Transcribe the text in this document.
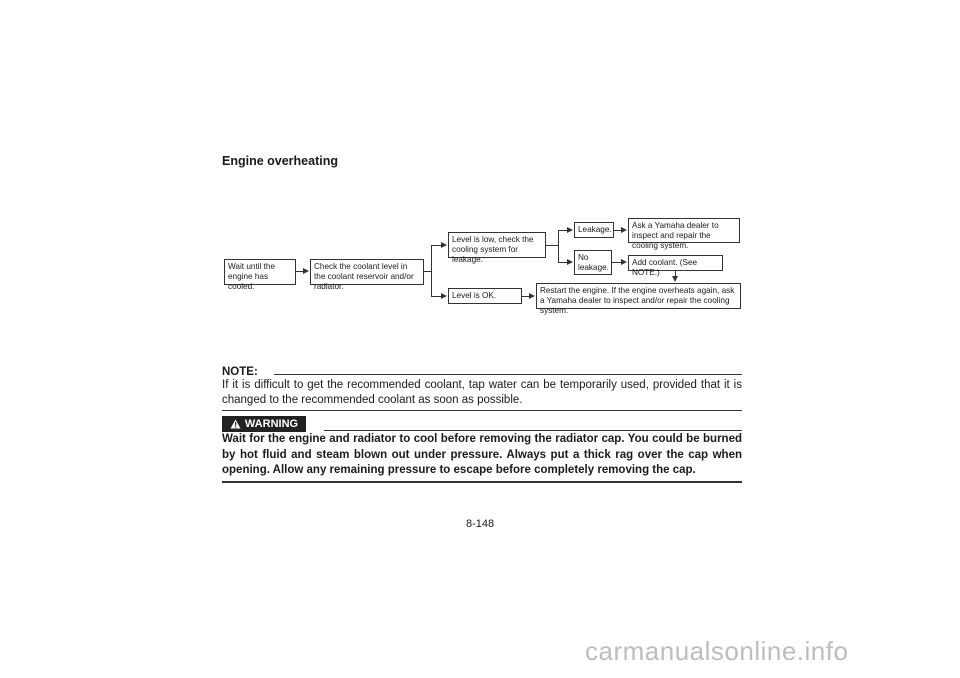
Engine overheating
Wait until the engine has cooled.
Check the coolant level in the coolant reservoir and/or radiator.
Level is low, check the cooling system for leakage.
Level is OK.
Leakage.
No leakage.
Ask a Yamaha dealer to inspect and repair the cooling system.
Add coolant. (See NOTE.)
Restart the engine. If the engine overheats again, ask a Yamaha dealer to inspect and/or repair the cooling system.
NOTE:
If it is difficult to get the recommended coolant, tap water can be temporarily used, provided that it is changed to the recommended coolant as soon as possible.
WARNING
Wait for the engine and radiator to cool before removing the radiator cap. You could be burned by hot fluid and steam blown out under pressure. Always put a thick rag over the cap when opening. Allow any remaining pressure to escape before completely removing the cap.
8-148
carmanualsonline.info
